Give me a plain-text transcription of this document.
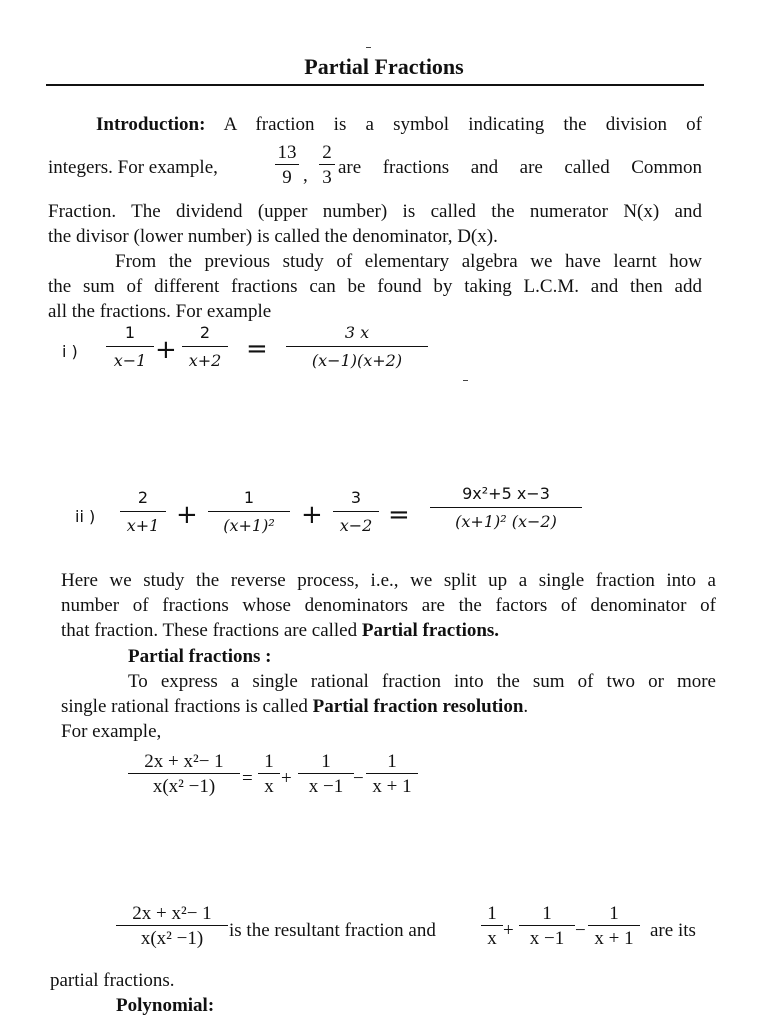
Partial Fractions
Introduction: A fraction is a symbol indicating the division of
integers. For example,
13
9 ,
2
3 are fractions and are called Common
Fraction. The dividend (upper number) is called the numerator N(x) and
the divisor (lower number) is called the denominator, D(x).
From the previous study of elementary algebra we have learnt how
the sum of different fractions can be found by taking L.C.M. and then add
all the fractions. For example
i )
1
x−1 +
2
x+2 =
3 x
(x−1)(x+2)
ii )
2
x+1 +
1
(x+1)²	+
3
x−2 =
9x²+5 x−3
(x+1)² (x−2)
Here we study the reverse process, i.e., we split up a single fraction into a
number of fractions whose denominators are the factors of denominator of
that fraction. These fractions are called Partial fractions.
Partial fractions :
To express a single rational fraction into the sum of two or more
single rational fractions is called Partial fraction resolution.
For example,
2x + x²− 1
x(x² −1)	=
1
x +
1
x −1 −
1
x + 1
2x + x²− 1
x(x² −1)	is the resultant fraction and
1
x +
1
x −1 −
1
x + 1 are its
partial fractions.
Polynomial:
